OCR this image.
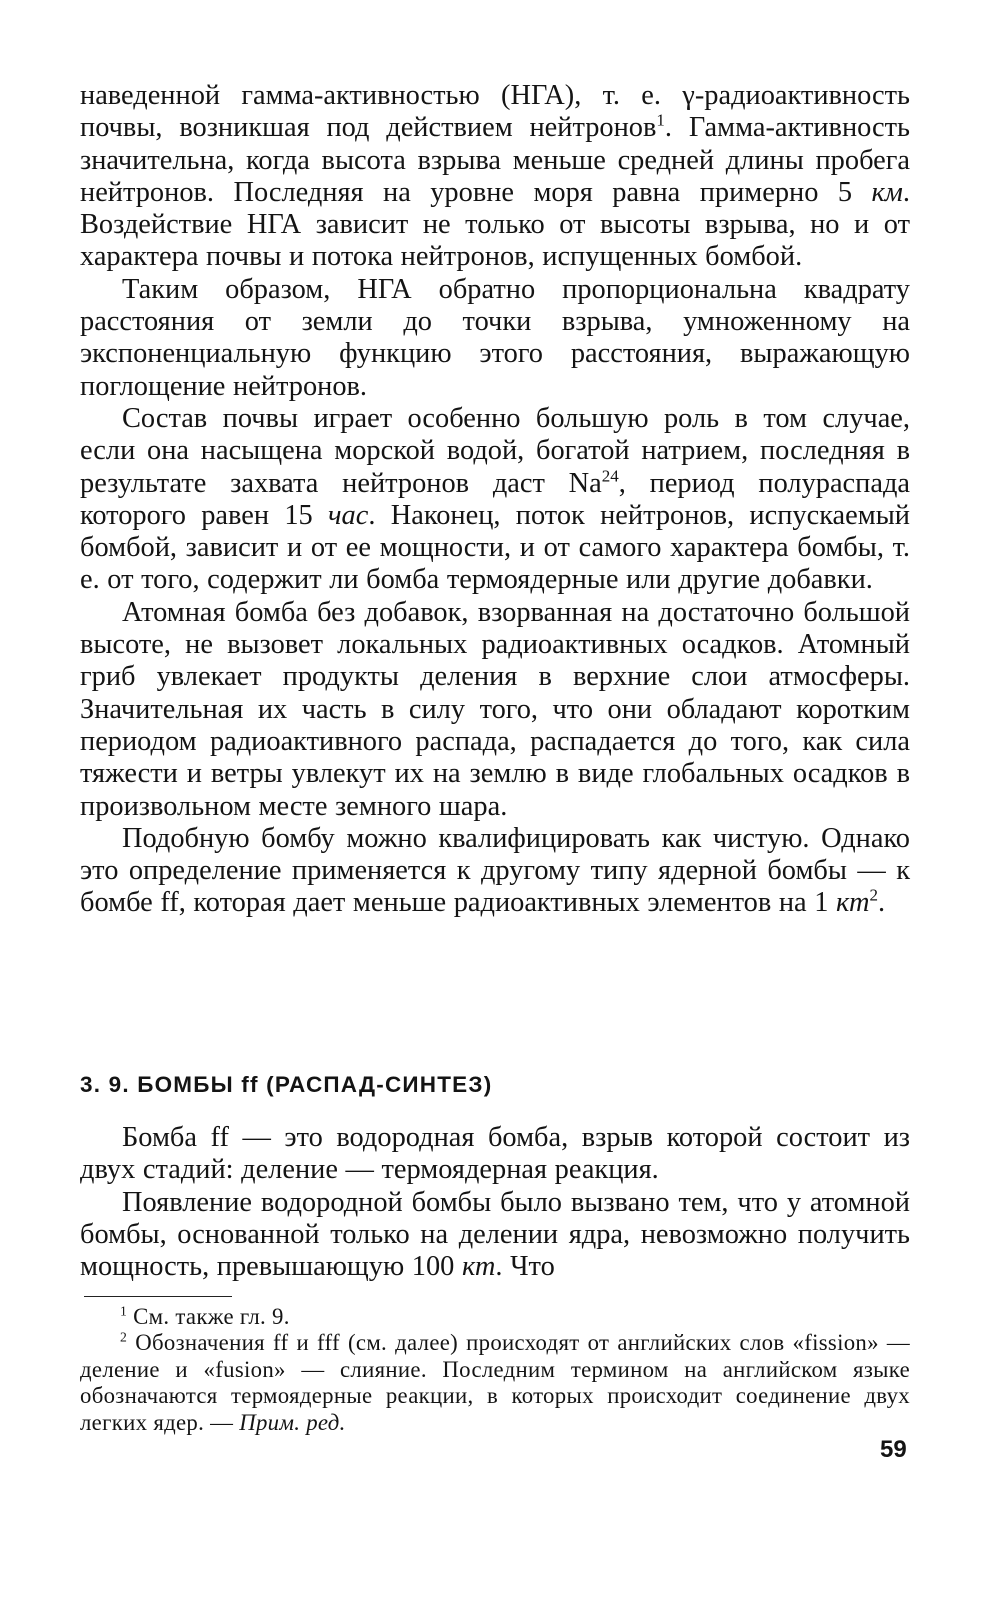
наведенной гамма-активностью (НГА), т. е. γ-радиоактивность почвы, возникшая под действием нейтронов$^1$. Гамма-активность значительна, когда высота взрыва меньше средней длины пробега нейтронов. Последняя на уровне моря равна примерно 5 км. Воздействие НГА зависит не только от высоты взрыва, но и от характера почвы и потока нейтронов, испущенных бомбой.

Таким образом, НГА обратно пропорциональна квадрату расстояния от земли до точки взрыва, умноженному на экспоненциальную функцию этого расстояния, выражающую поглощение нейтронов.

Состав почвы играет особенно большую роль в том случае, если она насыщена морской водой, богатой натрием, последняя в результате захвата нейтронов даст Na$^{24}$, период полураспада которого равен 15 час. Наконец, поток нейтронов, испускаемый бомбой, зависит и от ее мощности, и от самого характера бомбы, т. е. от того, содержит ли бомба термоядерные или другие добавки.

Атомная бомба без добавок, взорванная на достаточно большой высоте, не вызовет локальных радиоактивных осадков. Атомный гриб увлекает продукты деления в верхние слои атмосферы. Значительная их часть в силу того, что они обладают коротким периодом радиоактивного распада, распадается до того, как сила тяжести и ветры увлекут их на землю в виде глобальных осадков в произвольном месте земного шара.

Подобную бомбу можно квалифицировать как чистую. Однако это определение применяется к другому типу ядерной бомбы — к бомбе ff, которая дает меньше радиоактивных элементов на 1 $кт^2$.

3. 9. БОМБЫ ff (РАСПАД-СИНТЕЗ)

Бомба ff — это водородная бомба, взрыв которой состоит из двух стадий: деление — термоядерная реакция.

Появление водородной бомбы было вызвано тем, что у атомной бомбы, основанной только на делении ядра, невозможно получить мощность, превышающую 100 кт. Что

$^1$ См. также гл. 9.

$^2$ Обозначения ff и fff (см. далее) происходят от английских слов «fission» — деление и «fusion» — слияние. Последним термином на английском языке обозначаются термоядерные реакции, в которых происходит соединение двух легких ядер. — Прим. ред.

59
